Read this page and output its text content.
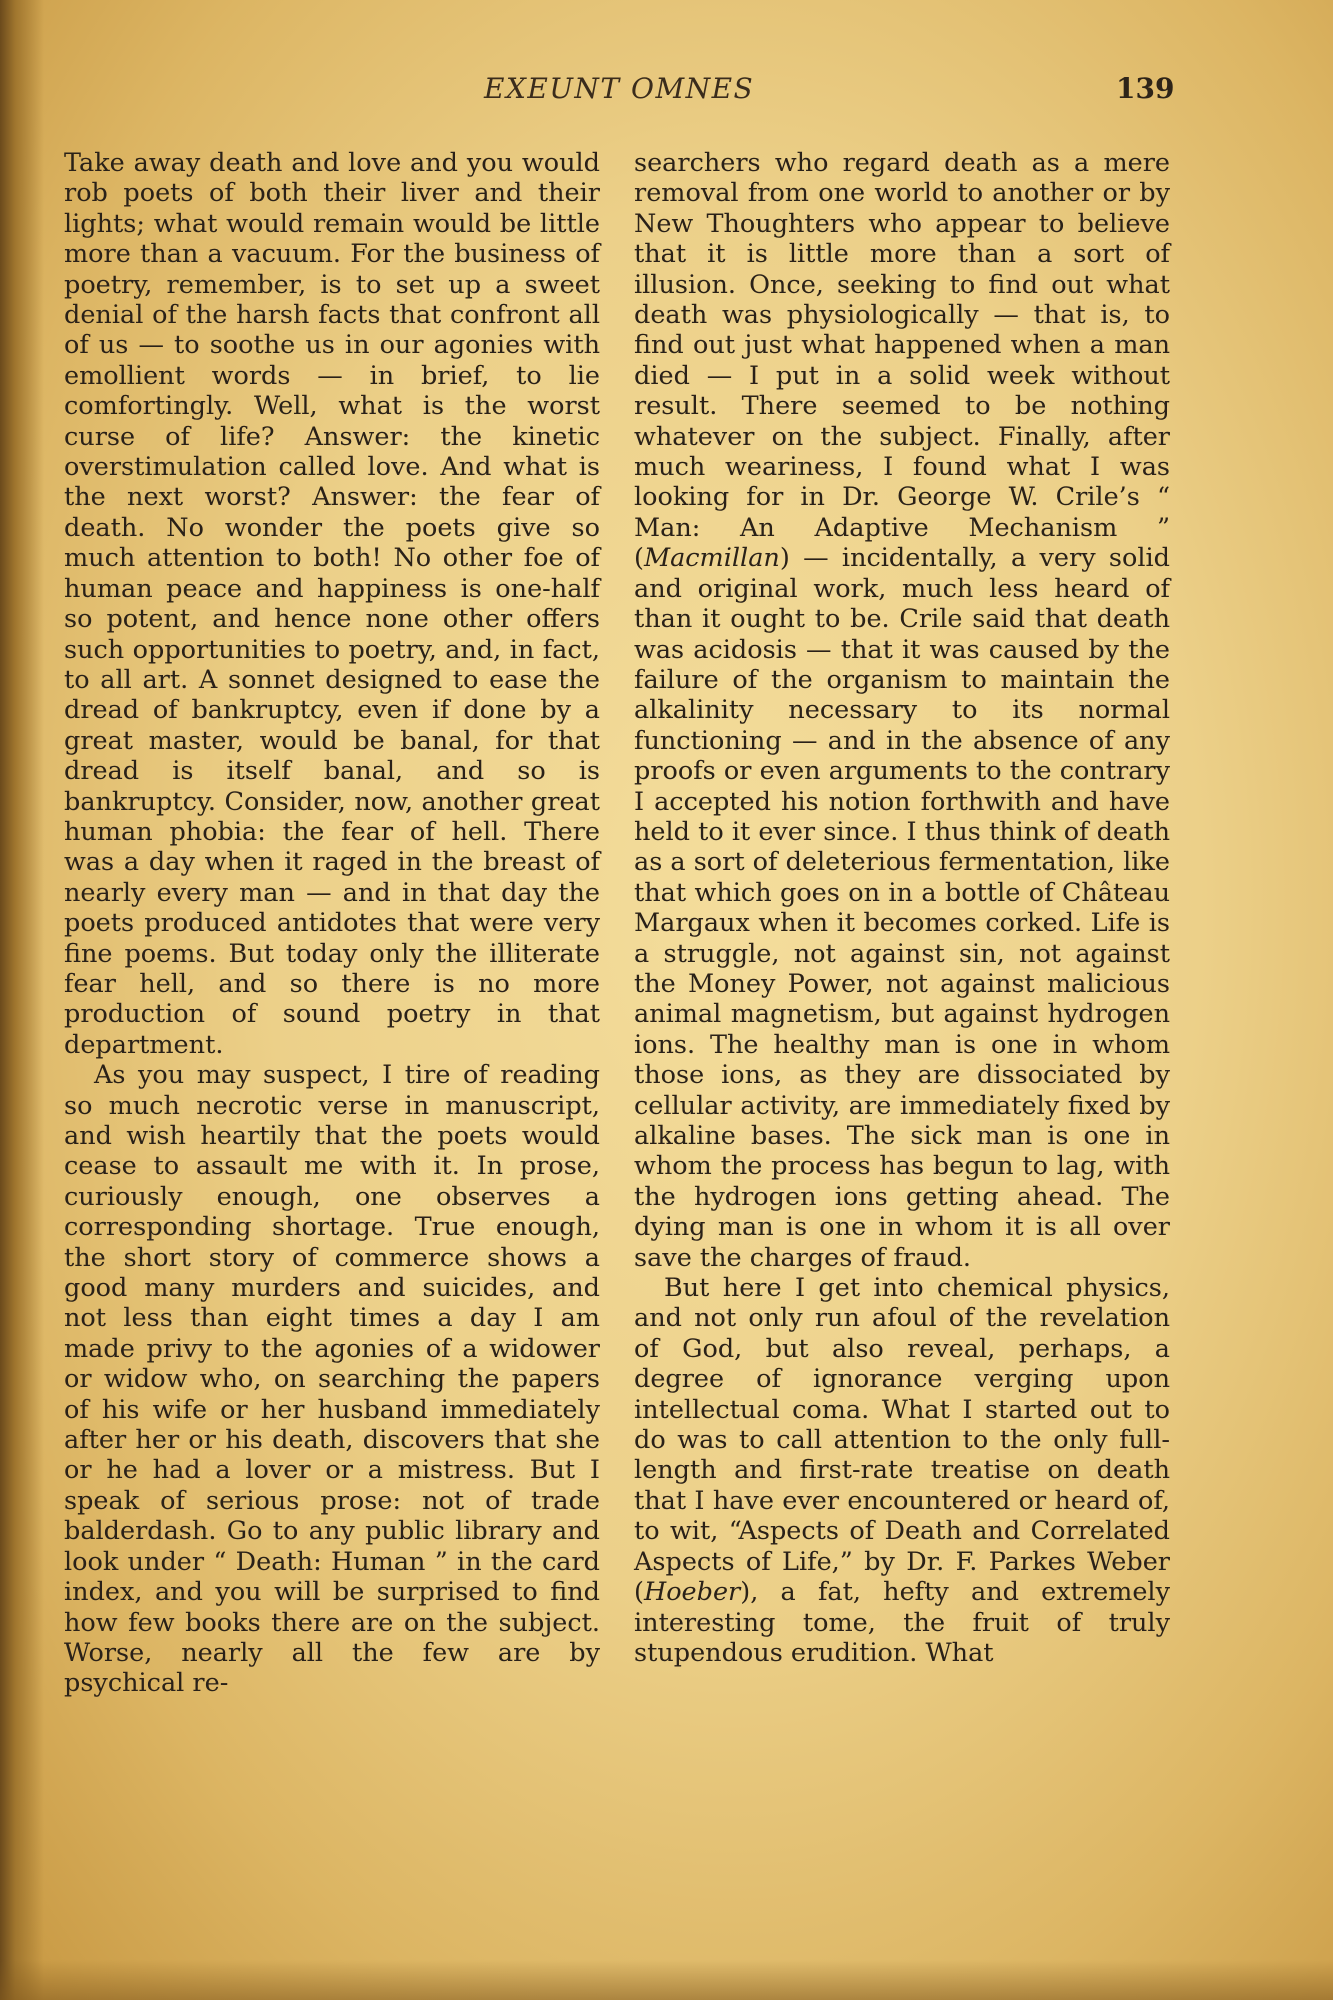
EXEUNT OMNES	139

Take away death and love and you would rob poets of both their liver and their lights; what would remain would be little more than a vacuum. For the business of poetry, remember, is to set up a sweet denial of the harsh facts that confront all of us — to soothe us in our agonies with emollient words — in brief, to lie comfortingly. Well, what is the worst curse of life? Answer: the kinetic overstimulation called love. And what is the next worst? Answer: the fear of death. No wonder the poets give so much attention to both! No other foe of human peace and happiness is one-half so potent, and hence none other offers such opportunities to poetry, and, in fact, to all art. A sonnet designed to ease the dread of bankruptcy, even if done by a great master, would be banal, for that dread is itself banal, and so is bankruptcy. Consider, now, another great human phobia: the fear of hell. There was a day when it raged in the breast of nearly every man — and in that day the poets produced antidotes that were very fine poems. But today only the illiterate fear hell, and so there is no more production of sound poetry in that department.

As you may suspect, I tire of reading so much necrotic verse in manuscript, and wish heartily that the poets would cease to assault me with it. In prose, curiously enough, one observes a corresponding shortage. True enough, the short story of commerce shows a good many murders and suicides, and not less than eight times a day I am made privy to the agonies of a widower or widow who, on searching the papers of his wife or her husband immediately after her or his death, discovers that she or he had a lover or a mistress. But I speak of serious prose: not of trade balderdash. Go to any public library and look under “ Death: Human ” in the card index, and you will be surprised to find how few books there are on the subject. Worse, nearly all the few are by psychical re-

searchers who regard death as a mere removal from one world to another or by New Thoughters who appear to believe that it is little more than a sort of illusion. Once, seeking to find out what death was physiologically — that is, to find out just what happened when a man died — I put in a solid week without result. There seemed to be nothing whatever on the subject. Finally, after much weariness, I found what I was looking for in Dr. George W. Crile’s “ Man: An Adaptive Mechanism ” (Macmillan) — incidentally, a very solid and original work, much less heard of than it ought to be. Crile said that death was acidosis — that it was caused by the failure of the organism to maintain the alkalinity necessary to its normal functioning — and in the absence of any proofs or even arguments to the contrary I accepted his notion forthwith and have held to it ever since. I thus think of death as a sort of deleterious fermentation, like that which goes on in a bottle of Château Margaux when it becomes corked. Life is a struggle, not against sin, not against the Money Power, not against malicious animal magnetism, but against hydrogen ions. The healthy man is one in whom those ions, as they are dissociated by cellular activity, are immediately fixed by alkaline bases. The sick man is one in whom the process has begun to lag, with the hydrogen ions getting ahead. The dying man is one in whom it is all over save the charges of fraud.

But here I get into chemical physics, and not only run afoul of the revelation of God, but also reveal, perhaps, a degree of ignorance verging upon intellectual coma. What I started out to do was to call attention to the only full-length and first-rate treatise on death that I have ever encountered or heard of, to wit, “Aspects of Death and Correlated Aspects of Life,” by Dr. F. Parkes Weber (Hoeber), a fat, hefty and extremely interesting tome, the fruit of truly stupendous erudition. What
